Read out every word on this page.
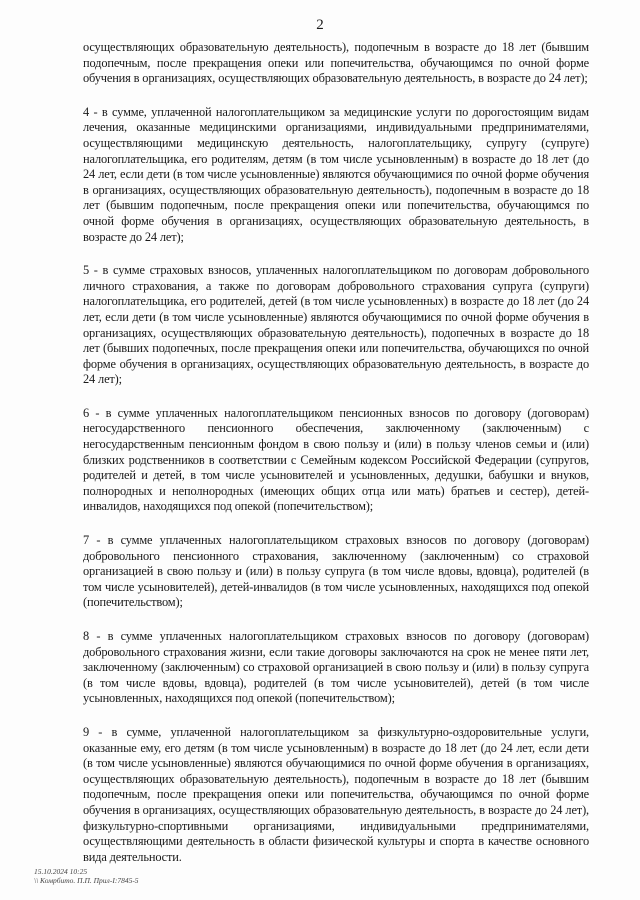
2

осуществляющих образовательную деятельность), подопечным в возрасте до 18 лет (бывшим подопечным, после прекращения опеки или попечительства, обучающимся по очной форме обучения в организациях, осуществляющих образовательную деятельность, в возрасте до 24 лет);

4 - в сумме, уплаченной налогоплательщиком за медицинские услуги по дорогостоящим видам лечения, оказанные медицинскими организациями, индивидуальными предпринимателями, осуществляющими медицинскую деятельность, налогоплательщику, супругу (супруге) налогоплательщика, его родителям, детям (в том числе усыновленным) в возрасте до 18 лет (до 24 лет, если дети (в том числе усыновленные) являются обучающимися по очной форме обучения в организациях, осуществляющих образовательную деятельность), подопечным в возрасте до 18 лет (бывшим подопечным, после прекращения опеки или попечительства, обучающимся по очной форме обучения в организациях, осуществляющих образовательную деятельность, в возрасте до 24 лет);

5 - в сумме страховых взносов, уплаченных налогоплательщиком по договорам добровольного личного страхования, а также по договорам добровольного страхования супруга (супруги) налогоплательщика, его родителей, детей (в том числе усыновленных) в возрасте до 18 лет (до 24 лет, если дети (в том числе усыновленные) являются обучающимися по очной форме обучения в организациях, осуществляющих образовательную деятельность), подопечных в возрасте до 18 лет (бывших подопечных, после прекращения опеки или попечительства, обучающихся по очной форме обучения в организациях, осуществляющих образовательную деятельность, в возрасте до 24 лет);

6 - в сумме уплаченных налогоплательщиком пенсионных взносов по договору (договорам) негосударственного пенсионного обеспечения, заключенному (заключенным) с негосударственным пенсионным фондом в свою пользу и (или) в пользу членов семьи и (или) близких родственников в соответствии с Семейным кодексом Российской Федерации (супругов, родителей и детей, в том числе усыновителей и усыновленных, дедушки, бабушки и внуков, полнородных и неполнородных (имеющих общих отца или мать) братьев и сестер), детей-инвалидов, находящихся под опекой (попечительством);

7 - в сумме уплаченных налогоплательщиком страховых взносов по договору (договорам) добровольного пенсионного страхования, заключенному (заключенным) со страховой организацией в свою пользу и (или) в пользу супруга (в том числе вдовы, вдовца), родителей (в том числе усыновителей), детей-инвалидов (в том числе усыновленных, находящихся под опекой (попечительством);

8 - в сумме уплаченных налогоплательщиком страховых взносов по договору (договорам) добровольного страхования жизни, если такие договоры заключаются на срок не менее пяти лет, заключенному (заключенным) со страховой организацией в свою пользу и (или) в пользу супруга (в том числе вдовы, вдовца), родителей (в том числе усыновителей), детей (в том числе усыновленных, находящихся под опекой (попечительством);

9 - в сумме, уплаченной налогоплательщиком за физкультурно-оздоровительные услуги, оказанные ему, его детям (в том числе усыновленным) в возрасте до 18 лет (до 24 лет, если дети (в том числе усыновленные) являются обучающимися по очной форме обучения в организациях, осуществляющих образовательную деятельность), подопечным в возрасте до 18 лет (бывшим подопечным, после прекращения опеки или попечительства, обучающимся по очной форме обучения в организациях, осуществляющих образовательную деятельность, в возрасте до 24 лет), физкультурно-спортивными организациями, индивидуальными предпринимателями, осуществляющими деятельность в области физической культуры и спорта в качестве основного вида деятельности.

15.10.2024 10:25
\\ Комрбито. П.П. Прил-I:7845-5
